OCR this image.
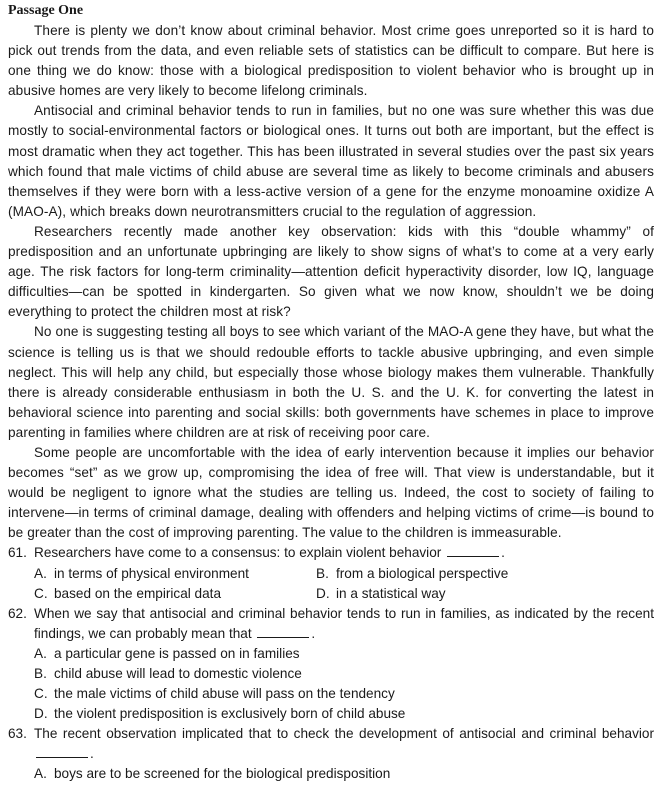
Passage One

There is plenty we don’t know about criminal behavior. Most crime goes unreported so it is hard to pick out trends from the data, and even reliable sets of statistics can be difficult to compare. But here is one thing we do know: those with a biological predisposition to violent behavior who is brought up in abusive homes are very likely to become lifelong criminals.

Antisocial and criminal behavior tends to run in families, but no one was sure whether this was due mostly to social-environmental factors or biological ones. It turns out both are important, but the effect is most dramatic when they act together. This has been illustrated in several studies over the past six years which found that male victims of child abuse are several time as likely to become criminals and abusers themselves if they were born with a less-active version of a gene for the enzyme monoamine oxidize A (MAO-A), which breaks down neurotransmitters crucial to the regulation of aggression.

Researchers recently made another key observation: kids with this “double whammy” of predisposition and an unfortunate upbringing are likely to show signs of what’s to come at a very early age. The risk factors for long-term criminality—attention deficit hyperactivity disorder, low IQ, language difficulties—can be spotted in kindergarten. So given what we now know, shouldn’t we be doing everything to protect the children most at risk?

No one is suggesting testing all boys to see which variant of the MAO-A gene they have, but what the science is telling us is that we should redouble efforts to tackle abusive upbringing, and even simple neglect. This will help any child, but especially those whose biology makes them vulnerable. Thankfully there is already considerable enthusiasm in both the U. S. and the U. K. for converting the latest in behavioral science into parenting and social skills: both governments have schemes in place to improve parenting in families where children are at risk of receiving poor care.

Some people are uncomfortable with the idea of early intervention because it implies our behavior becomes “set” as we grow up, compromising the idea of free will. That view is understandable, but it would be negligent to ignore what the studies are telling us. Indeed, the cost to society of failing to intervene—in terms of criminal damage, dealing with offenders and helping victims of crime—is bound to be greater than the cost of improving parenting. The value to the children is immeasurable.

61. Researchers have come to a consensus: to explain violent behavior	.
A. in terms of physical environment	B. from a biological perspective
C. based on the empirical data	D. in a statistical way
62. When we say that antisocial and criminal behavior tends to run in families, as indicated by the recent findings, we can probably mean that	.
A. a particular gene is passed on in families
B. child abuse will lead to domestic violence
C. the male victims of child abuse will pass on the tendency
D. the violent predisposition is exclusively born of child abuse
63. The recent observation implicated that to check the development of antisocial and criminal behavior .
A. boys are to be screened for the biological predisposition
